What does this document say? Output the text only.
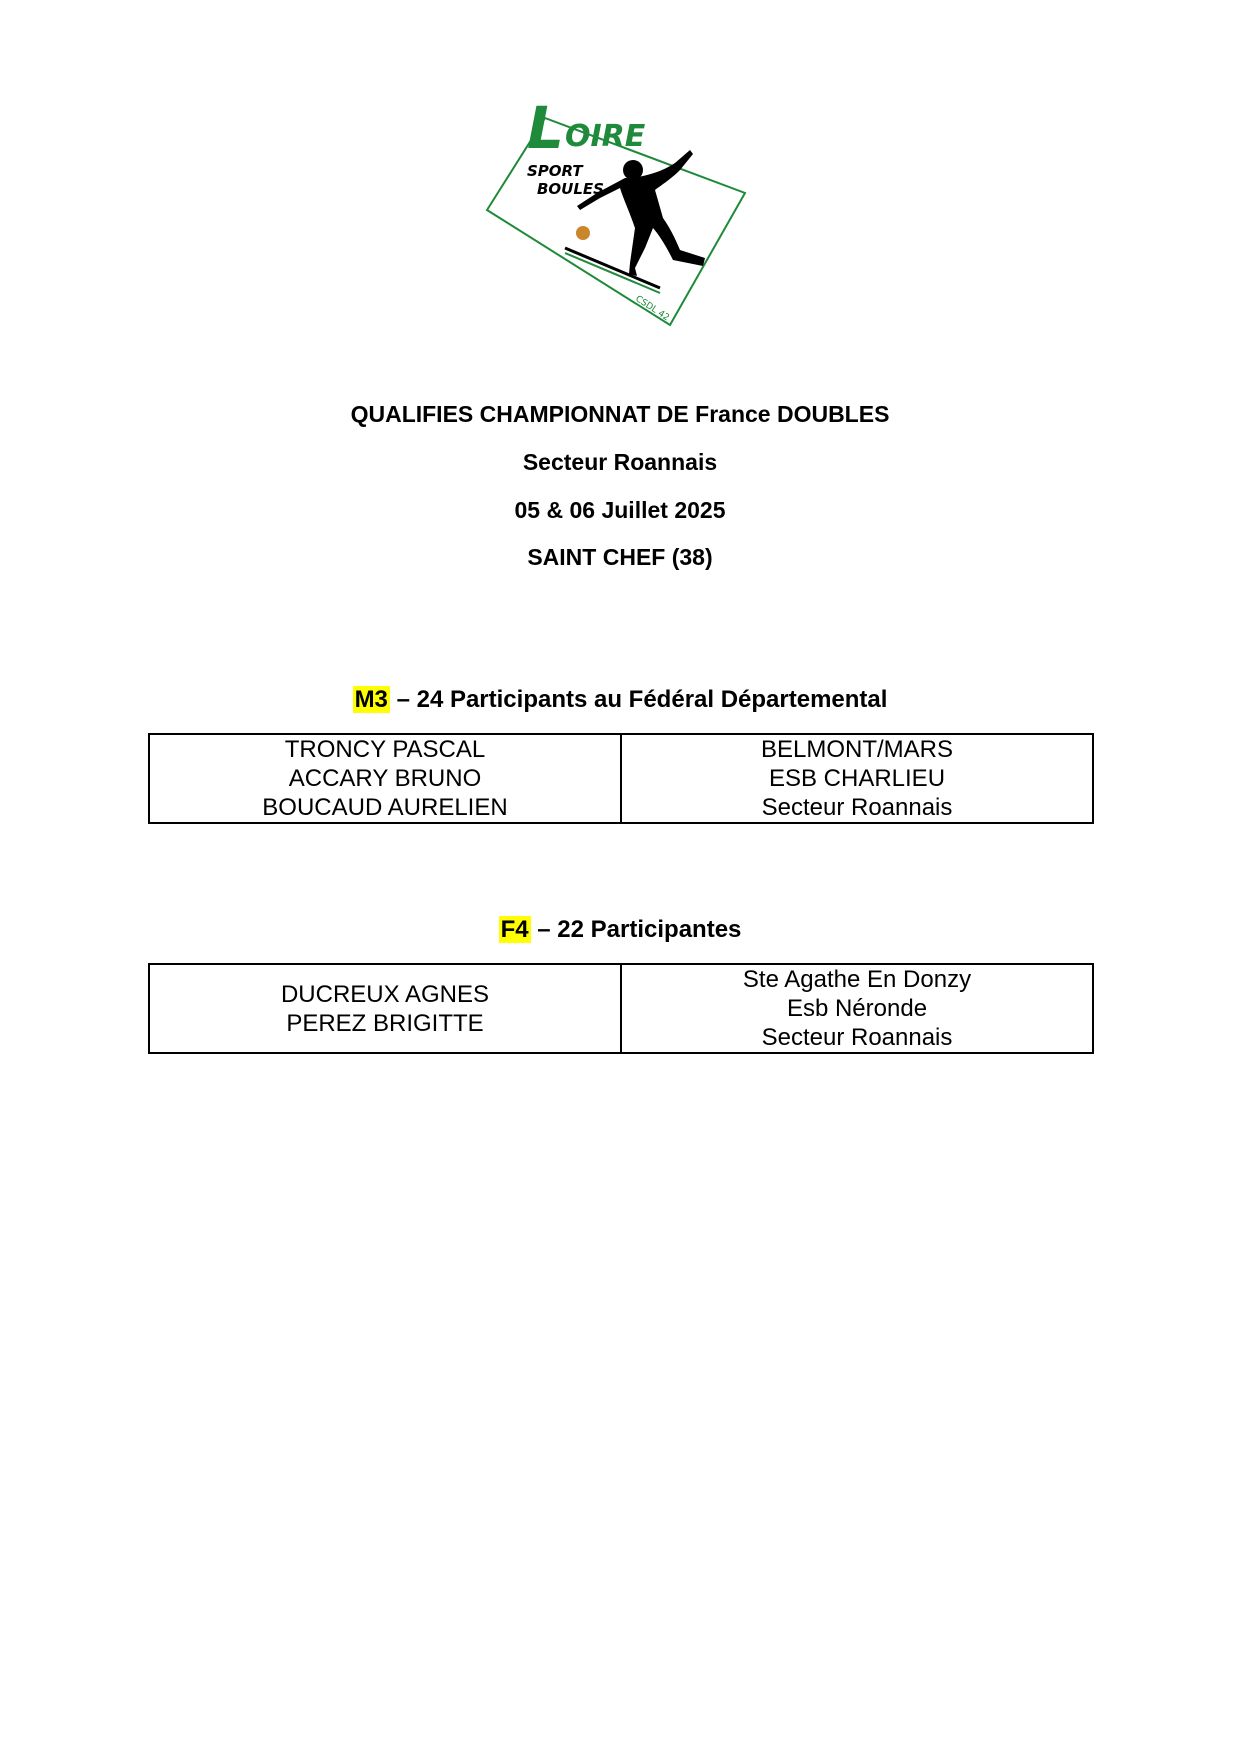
L OIRE
SPORT
BOULES
CSDL 42

QUALIFIES CHAMPIONNAT DE France DOUBLES

Secteur Roannais

05 & 06 Juillet 2025

SAINT CHEF (38)

M3 – 24 Participants au Fédéral Départemental

TRONCY PASCAL
ACCARY BRUNO
BOUCAUD AURELIEN

BELMONT/MARS
ESB CHARLIEU
Secteur Roannais

F4 – 22 Participantes

DUCREUX AGNES
PEREZ BRIGITTE

Ste Agathe En Donzy
Esb Néronde
Secteur Roannais
